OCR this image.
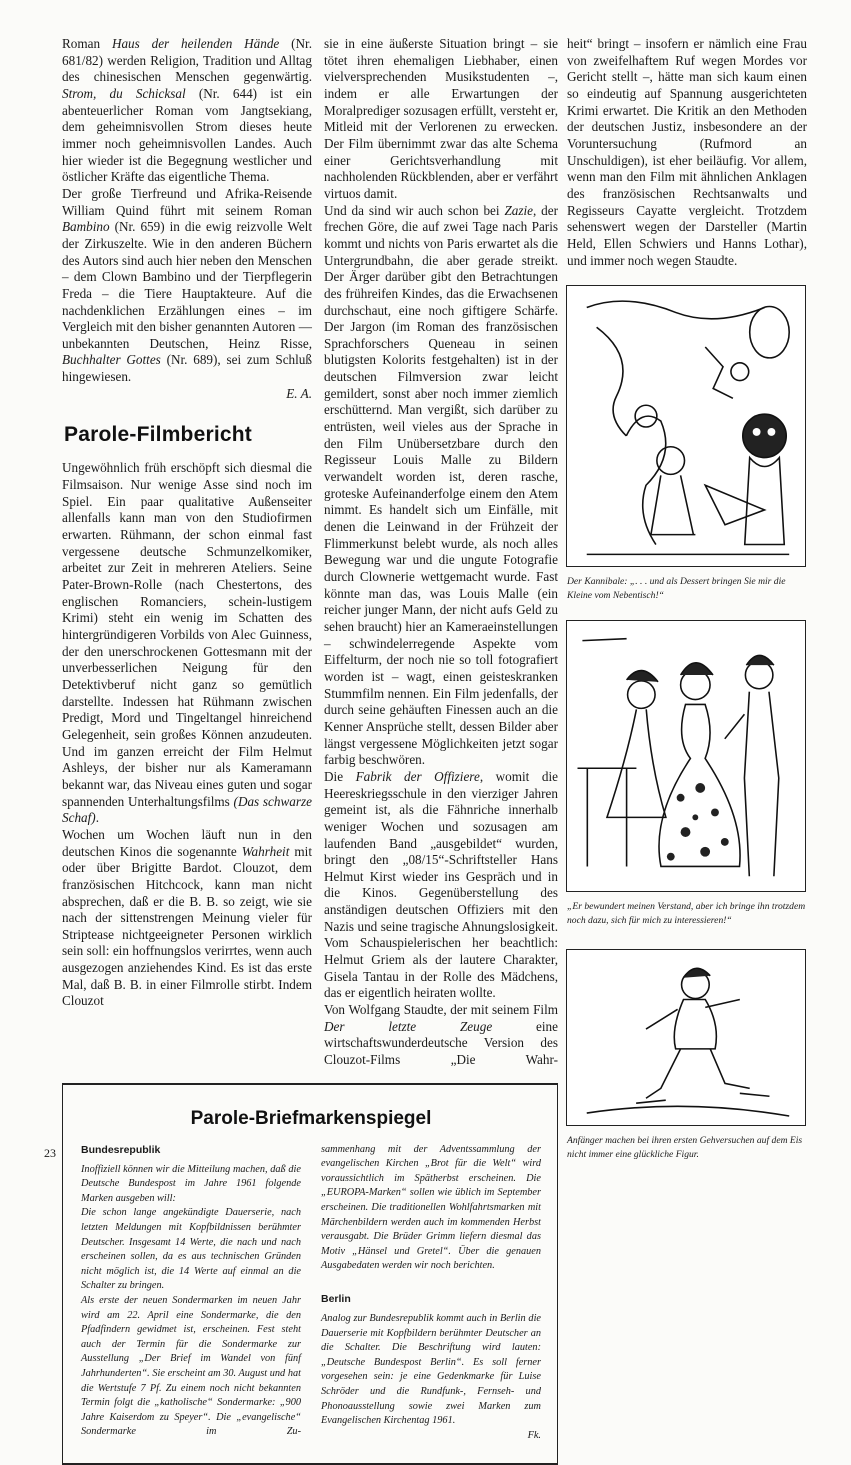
Roman Haus der heilenden Hände (Nr. 681/82) werden Religion, Tradition und Alltag des chinesischen Menschen gegenwärtig. Strom, du Schicksal (Nr. 644) ist ein abenteuerlicher Roman vom Jangtsekiang, dem geheimnisvollen Strom dieses heute immer noch geheimnisvollen Landes. Auch hier wieder ist die Begegnung westlicher und östlicher Kräfte das eigentliche Thema.

Der große Tierfreund und Afrika-Reisende William Quind führt mit seinem Roman Bambino (Nr. 659) in die ewig reizvolle Welt der Zirkuszelte. Wie in den anderen Büchern des Autors sind auch hier neben den Menschen – dem Clown Bambino und der Tierpflegerin Freda – die Tiere Hauptakteure. Auf die nachdenklichen Erzählungen eines – im Vergleich mit den bisher genannten Autoren — unbekannten Deutschen, Heinz Risse, Buchhalter Gottes (Nr. 689), sei zum Schluß hingewiesen.

E. A.
Parole-Filmbericht

Ungewöhnlich früh erschöpft sich diesmal die Filmsaison. Nur wenige Asse sind noch im Spiel. Ein paar qualitative Außenseiter allenfalls kann man von den Studiofirmen erwarten. Rühmann, der schon einmal fast vergessene deutsche Schmunzelkomiker, arbeitet zur Zeit in mehreren Ateliers. Seine Pater-Brown-Rolle (nach Chestertons, des englischen Romanciers, schein-lustigem Krimi) steht ein wenig im Schatten des hintergründigeren Vorbilds von Alec Guinness, der den unerschrockenen Gottesmann mit der unverbesserlichen Neigung für den Detektivberuf nicht ganz so gemütlich darstellte. Indessen hat Rühmann zwischen Predigt, Mord und Tingeltangel hinreichend Gelegenheit, sein großes Können anzudeuten. Und im ganzen erreicht der Film Helmut Ashleys, der bisher nur als Kameramann bekannt war, das Niveau eines guten und sogar spannenden Unterhaltungsfilms (Das schwarze Schaf).

Wochen um Wochen läuft nun in den deutschen Kinos die sogenannte Wahrheit mit oder über Brigitte Bardot. Clouzot, dem französischen Hitchcock, kann man nicht absprechen, daß er die B. B. so zeigt, wie sie nach der sittenstrengen Meinung vieler für Striptease nichtgeeigneter Personen wirklich sein soll: ein hoffnungslos verirrtes, wenn auch ausgezogen anziehendes Kind. Es ist das erste Mal, daß B. B. in einer Filmrolle stirbt. Indem Clouzot

sie in eine äußerste Situation bringt – sie tötet ihren ehemaligen Liebhaber, einen vielversprechenden Musikstudenten –, indem er alle Erwartungen der Moralprediger sozusagen erfüllt, versteht er, Mitleid mit der Verlorenen zu erwecken. Der Film übernimmt zwar das alte Schema einer Gerichtsverhandlung mit nachholenden Rückblenden, aber er verfährt virtuos damit.

Und da sind wir auch schon bei Zazie, der frechen Göre, die auf zwei Tage nach Paris kommt und nichts von Paris erwartet als die Untergrundbahn, die aber gerade streikt. Der Ärger darüber gibt den Betrachtungen des frühreifen Kindes, das die Erwachsenen durchschaut, eine noch giftigere Schärfe. Der Jargon (im Roman des französischen Sprachforschers Queneau in seinen blutigsten Kolorits festgehalten) ist in der deutschen Filmversion zwar leicht gemildert, sonst aber noch immer ziemlich erschütternd. Man vergißt, sich darüber zu entrüsten, weil vieles aus der Sprache in den Film Unübersetzbare durch den Regisseur Louis Malle zu Bildern verwandelt worden ist, deren rasche, groteske Aufeinanderfolge einem den Atem nimmt. Es handelt sich um Einfälle, mit denen die Leinwand in der Frühzeit der Flimmerkunst belebt wurde, als noch alles Bewegung war und die ungute Fotografie durch Clownerie wettgemacht wurde. Fast könnte man das, was Louis Malle (ein reicher junger Mann, der nicht aufs Geld zu sehen braucht) hier an Kameraeinstellungen – schwindelerregende Aspekte vom Eiffelturm, der noch nie so toll fotografiert worden ist – wagt, einen geisteskranken Stummfilm nennen. Ein Film jedenfalls, der durch seine gehäuften Finessen auch an die Kenner Ansprüche stellt, dessen Bilder aber längst vergessene Möglichkeiten jetzt sogar farbig beschwören.

Die Fabrik der Offiziere, womit die Heereskriegsschule in den vierziger Jahren gemeint ist, als die Fähnriche innerhalb weniger Wochen und sozusagen am laufenden Band „ausgebildet“ wurden, bringt den „08/15“-Schriftsteller Hans Helmut Kirst wieder ins Gespräch und in die Kinos. Gegenüberstellung des anständigen deutschen Offiziers mit den Nazis und seine tragische Ahnungslosigkeit. Vom Schauspielerischen her beachtlich: Helmut Griem als der lautere Charakter, Gisela Tantau in der Rolle des Mädchens, das er eigentlich heiraten wollte.

Von Wolfgang Staudte, der mit seinem Film Der letzte Zeuge eine wirtschaftswunderdeutsche Version des Clouzot-Films „Die Wahr-

Parole-Briefmarkenspiegel
Bundesrepublik

Inoffiziell können wir die Mitteilung machen, daß die Deutsche Bundespost im Jahre 1961 folgende Marken ausgeben will:

Die schon lange angekündigte Dauerserie, nach letzten Meldungen mit Kopfbildnissen berühmter Deutscher. Insgesamt 14 Werte, die nach und nach erscheinen sollen, da es aus technischen Gründen nicht möglich ist, die 14 Werte auf einmal an die Schalter zu bringen.

Als erste der neuen Sondermarken im neuen Jahr wird am 22. April eine Sondermarke, die den Pfadfindern gewidmet ist, erscheinen. Fest steht auch der Termin für die Sondermarke zur Ausstellung „Der Brief im Wandel von fünf Jahrhunderten“. Sie erscheint am 30. August und hat die Wertstufe 7 Pf. Zu einem noch nicht bekannten Termin folgt die „katholische“ Sondermarke: „900 Jahre Kaiserdom zu Speyer“. Die „evangelische“ Sondermarke im Zu-

sammenhang mit der Adventssammlung der evangelischen Kirchen „Brot für die Welt“ wird voraussichtlich im Spätherbst erscheinen. Die „EUROPA-Marken“ sollen wie üblich im September erscheinen. Die traditionellen Wohlfahrtsmarken mit Märchenbildern werden auch im kommenden Herbst verausgabt. Die Brüder Grimm liefern diesmal das Motiv „Hänsel und Gretel“. Über die genauen Ausgabedaten werden wir noch berichten.

Berlin

Analog zur Bundesrepublik kommt auch in Berlin die Dauerserie mit Kopfbildern berühmter Deutscher an die Schalter. Die Beschriftung wird lauten: „Deutsche Bundespost Berlin“. Es soll ferner vorgesehen sein: je eine Gedenkmarke für Luise Schröder und die Rundfunk-, Fernseh- und Phonoausstellung sowie zwei Marken zum Evangelischen Kirchentag 1961.

Fk.

heit“ bringt – insofern er nämlich eine Frau von zweifelhaftem Ruf wegen Mordes vor Gericht stellt –, hätte man sich kaum einen so eindeutig auf Spannung ausgerichteten Krimi erwartet. Die Kritik an den Methoden der deutschen Justiz, insbesondere an der Voruntersuchung (Rufmord an Unschuldigen), ist eher beiläufig. Vor allem, wenn man den Film mit ähnlichen Anklagen des französischen Rechtsanwalts und Regisseurs Cayatte vergleicht. Trotzdem sehenswert wegen der Darsteller (Martin Held, Ellen Schwiers und Hanns Lothar), und immer noch wegen Staudte.

Der Kannibale: „. . . und als Dessert bringen Sie mir die Kleine vom Nebentisch!“
„Er bewundert meinen Verstand, aber ich bringe ihn trotzdem noch dazu, sich für mich zu interessieren!“
Anfänger machen bei ihren ersten Gehversuchen auf dem Eis nicht immer eine glückliche Figur.
23
